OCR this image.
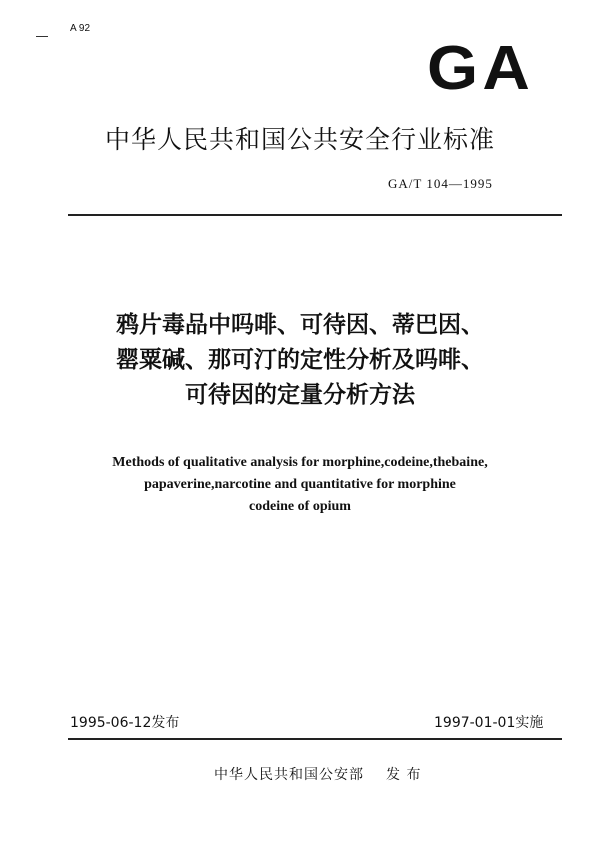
A 92
GA
中华人民共和国公共安全行业标准
GA/T 104—1995
鸦片毒品中吗啡、可待因、蒂巴因、
罂粟碱、那可汀的定性分析及吗啡、
可待因的定量分析方法
Methods of qualitative analysis for morphine,codeine,thebaine,
papaverine,narcotine and quantitative for morphine
codeine of opium
1995-06-12发布	1997-01-01实施
中华人民共和国公安部 发 布
